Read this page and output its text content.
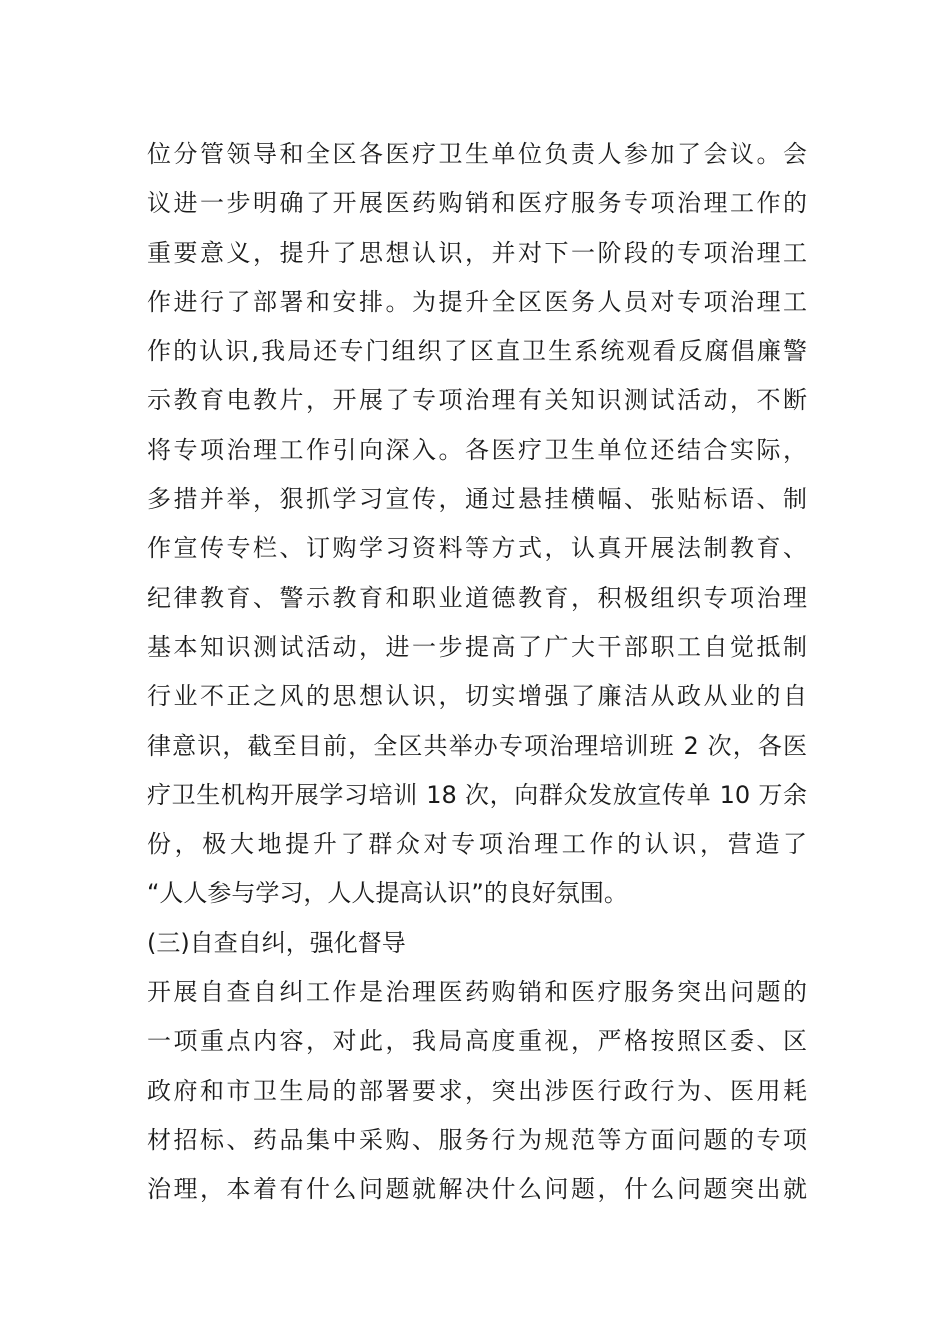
位分管领导和全区各医疗卫生单位负责人参加了会议。会
议进一步明确了开展医药购销和医疗服务专项治理工作的
重要意义，提升了思想认识，并对下一阶段的专项治理工
作进行了部署和安排。为提升全区医务人员对专项治理工
作的认识,我局还专门组织了区直卫生系统观看反腐倡廉警
示教育电教片，开展了专项治理有关知识测试活动，不断
将专项治理工作引向深入。各医疗卫生单位还结合实际，
多措并举，狠抓学习宣传，通过悬挂横幅、张贴标语、制
作宣传专栏、订购学习资料等方式，认真开展法制教育、
纪律教育、警示教育和职业道德教育，积极组织专项治理
基本知识测试活动，进一步提高了广大干部职工自觉抵制
行业不正之风的思想认识，切实增强了廉洁从政从业的自
律意识，截至目前，全区共举办专项治理培训班 2 次，各医
疗卫生机构开展学习培训 18 次，向群众发放宣传单 10 万余
份，极大地提升了群众对专项治理工作的认识，营造了
“人人参与学习，人人提高认识”的良好氛围。
(三)自查自纠，强化督导
开展自查自纠工作是治理医药购销和医疗服务突出问题的
一项重点内容，对此，我局高度重视，严格按照区委、区
政府和市卫生局的部署要求，突出涉医行政行为、医用耗
材招标、药品集中采购、服务行为规范等方面问题的专项
治理，本着有什么问题就解决什么问题，什么问题突出就
